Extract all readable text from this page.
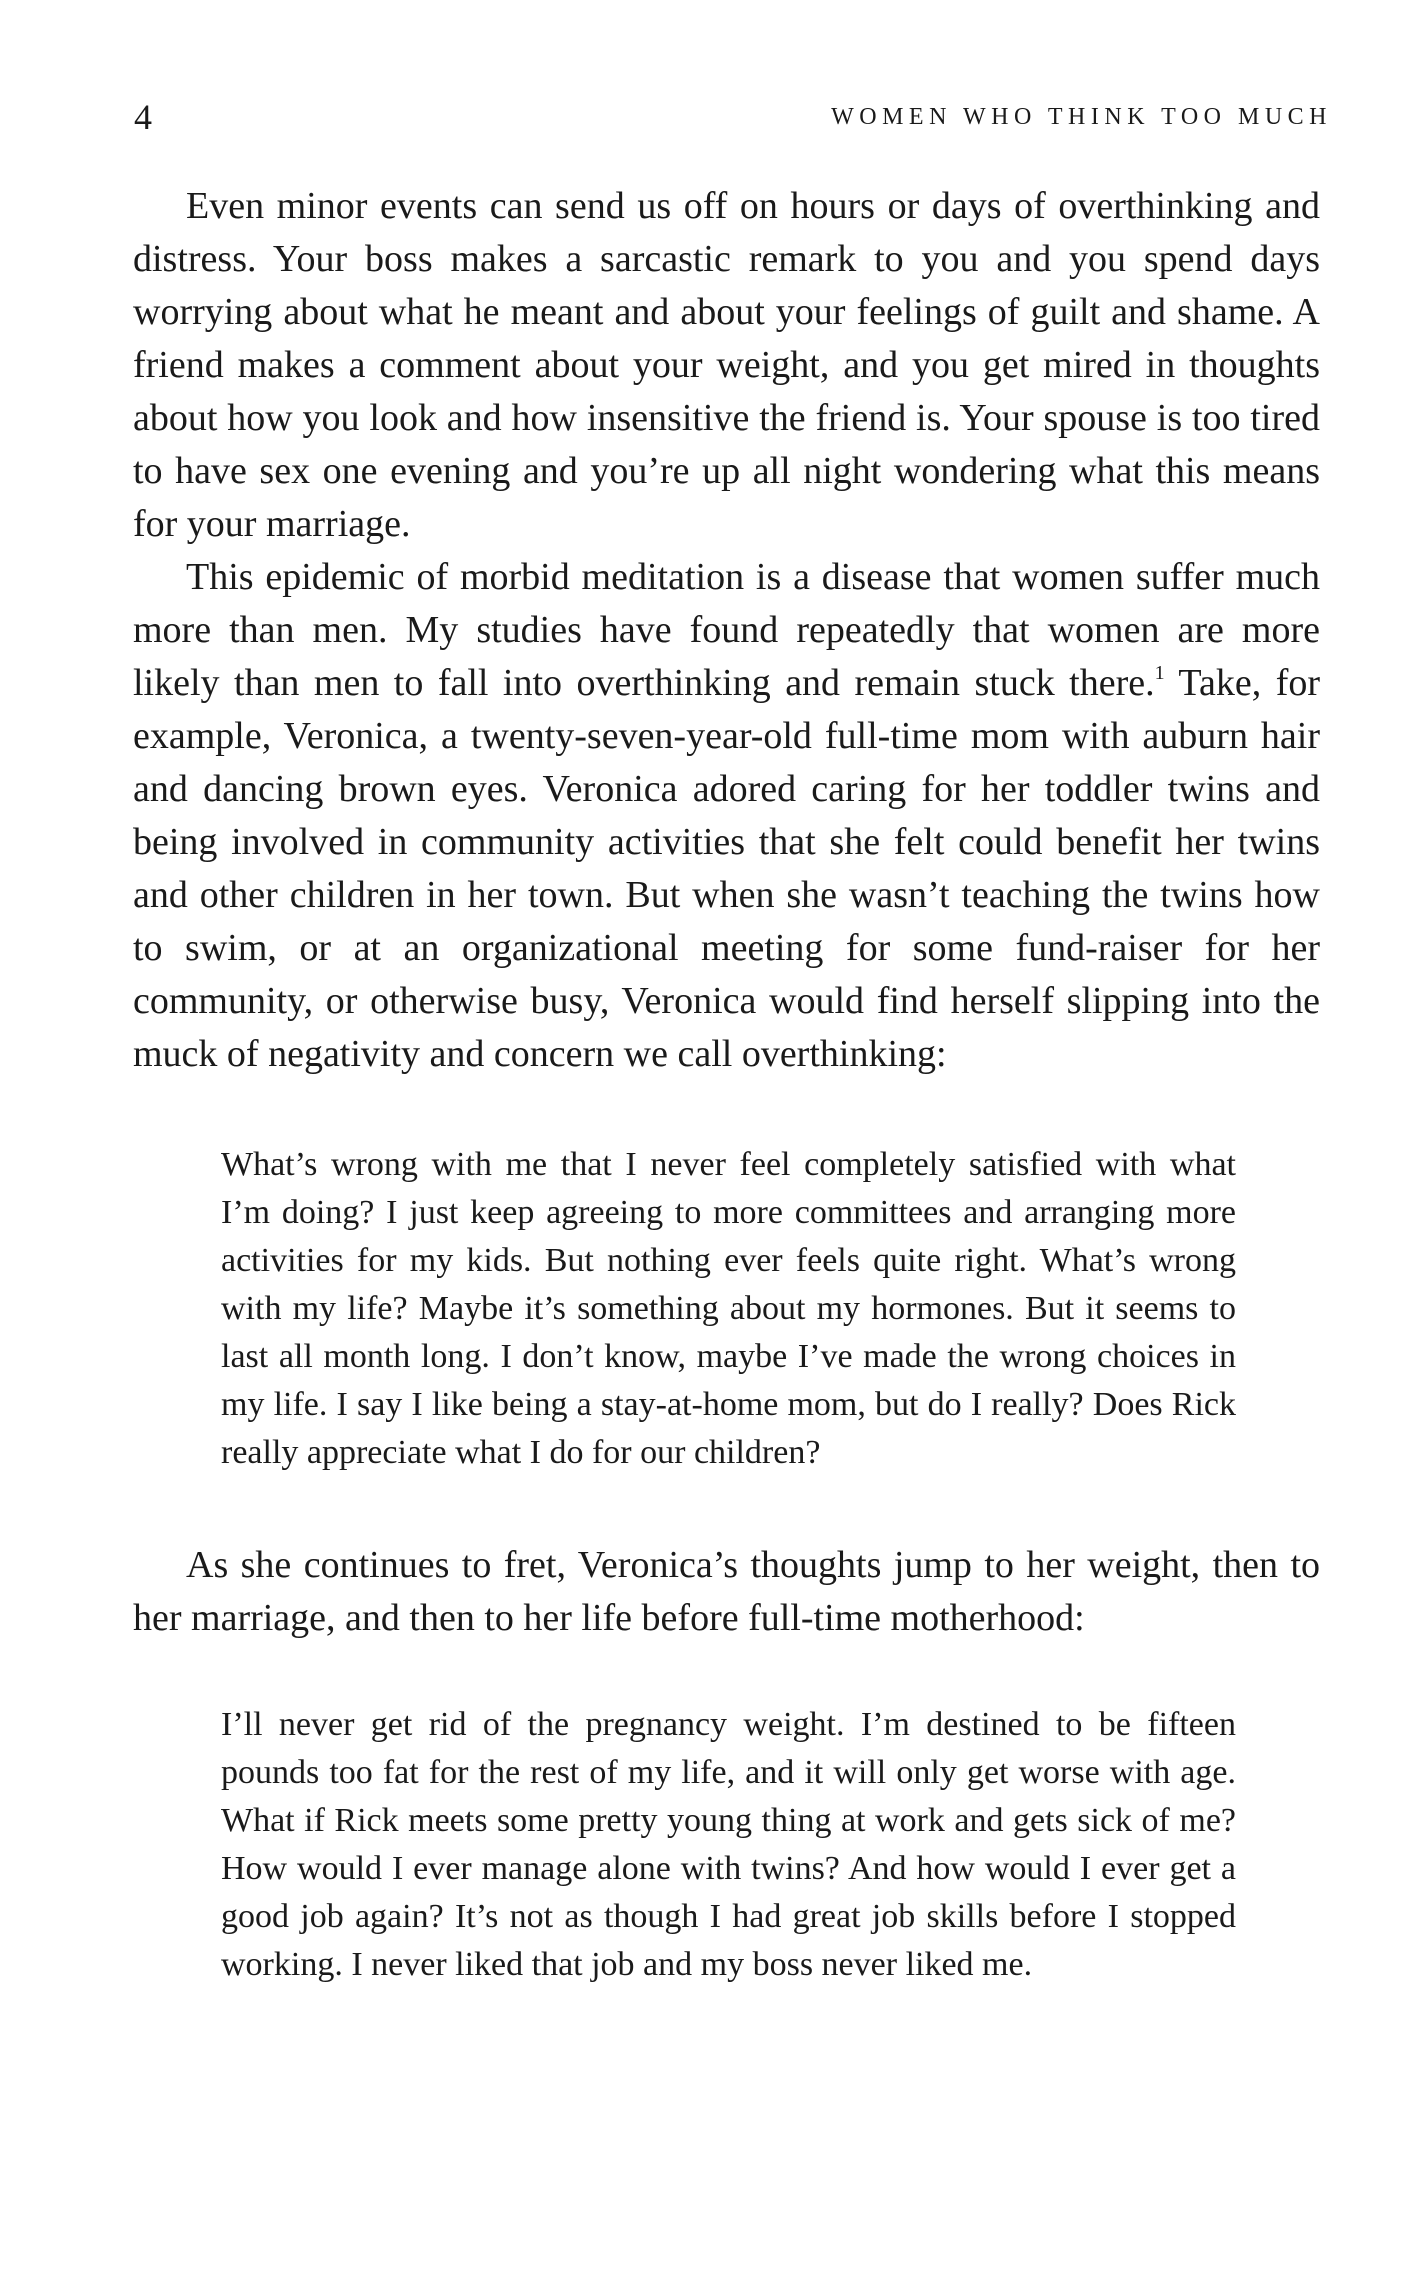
4	WOMEN WHO THINK TOO MUCH

Even minor events can send us off on hours or days of overthinking and distress. Your boss makes a sarcastic remark to you and you spend days worrying about what he meant and about your feelings of guilt and shame. A friend makes a comment about your weight, and you get mired in thoughts about how you look and how insensitive the friend is. Your spouse is too tired to have sex one evening and you’re up all night wondering what this means for your marriage.

This epidemic of morbid meditation is a disease that women suffer much more than men. My studies have found repeatedly that women are more likely than men to fall into overthinking and remain stuck there.$^1$ Take, for example, Veronica, a twenty-seven-year-old full-time mom with auburn hair and dancing brown eyes. Veronica adored caring for her toddler twins and being involved in community activities that she felt could benefit her twins and other children in her town. But when she wasn’t teaching the twins how to swim, or at an organizational meeting for some fund-raiser for her community, or otherwise busy, Veronica would find herself slipping into the muck of negativity and concern we call overthinking:

What’s wrong with me that I never feel completely satisfied with what I’m doing? I just keep agreeing to more committees and arranging more activities for my kids. But nothing ever feels quite right. What’s wrong with my life? Maybe it’s something about my hormones. But it seems to last all month long. I don’t know, maybe I’ve made the wrong choices in my life. I say I like being a stay-at-home mom, but do I really? Does Rick really appreciate what I do for our children?

As she continues to fret, Veronica’s thoughts jump to her weight, then to her marriage, and then to her life before full-time motherhood:

I’ll never get rid of the pregnancy weight. I’m destined to be fifteen pounds too fat for the rest of my life, and it will only get worse with age. What if Rick meets some pretty young thing at work and gets sick of me? How would I ever manage alone with twins? And how would I ever get a good job again? It’s not as though I had great job skills before I stopped working. I never liked that job and my boss never liked me.
